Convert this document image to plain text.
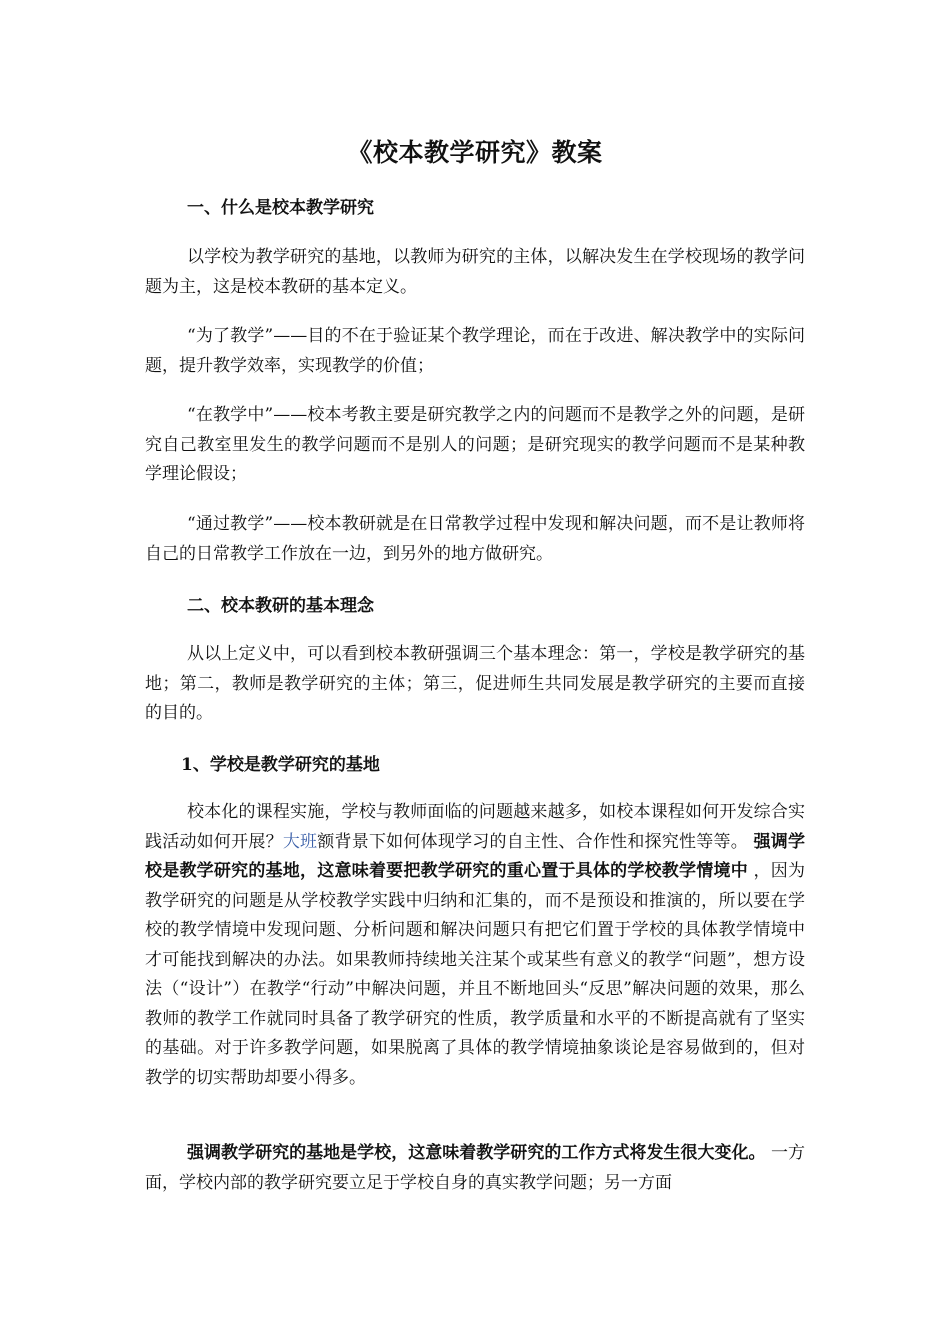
《校本教学研究》教案
一、什么是校本教学研究

以学校为教学研究的基地，以教师为研究的主体，以解决发生在学校现场的教学问题为主，这是校本教研的基本定义。

“为了教学”——目的不在于验证某个教学理论，而在于改进、解决教学中的实际问题，提升教学效率，实现教学的价值；

“在教学中”——校本考教主要是研究教学之内的问题而不是教学之外的问题，是研究自己教室里发生的教学问题而不是别人的问题；是研究现实的教学问题而不是某种教学理论假设；

“通过教学”——校本教研就是在日常教学过程中发现和解决问题，而不是让教师将自己的日常教学工作放在一边，到另外的地方做研究。

二、校本教研的基本理念

从以上定义中，可以看到校本教研强调三个基本理念：第一，学校是教学研究的基地；第二，教师是教学研究的主体；第三，促进师生共同发展是教学研究的主要而直接的目的。

1、学校是教学研究的基地

校本化的课程实施，学校与教师面临的问题越来越多，如校本课程如何开发综合实践活动如何开展？大班额背景下如何体现学习的自主性、合作性和探究性等等。 强调学校是教学研究的基地，这意味着要把教学研究的重心置于具体的学校教学情境中 ，因为教学研究的问题是从学校教学实践中归纳和汇集的，而不是预设和推演的，所以要在学校的教学情境中发现问题、分析问题和解决问题只有把它们置于学校的具体教学情境中才可能找到解决的办法。如果教师持续地关注某个或某些有意义的教学“问题”，想方设法（“设计”）在教学“行动”中解决问题，并且不断地回头“反思”解决问题的效果，那么教师的教学工作就同时具备了教学研究的性质，教学质量和水平的不断提高就有了坚实的基础。对于许多教学问题，如果脱离了具体的教学情境抽象谈论是容易做到的，但对教学的切实帮助却要小得多。

强调教学研究的基地是学校，这意味着教学研究的工作方式将发生很大变化。 一方面，学校内部的教学研究要立足于学校自身的真实教学问题；另一方面
